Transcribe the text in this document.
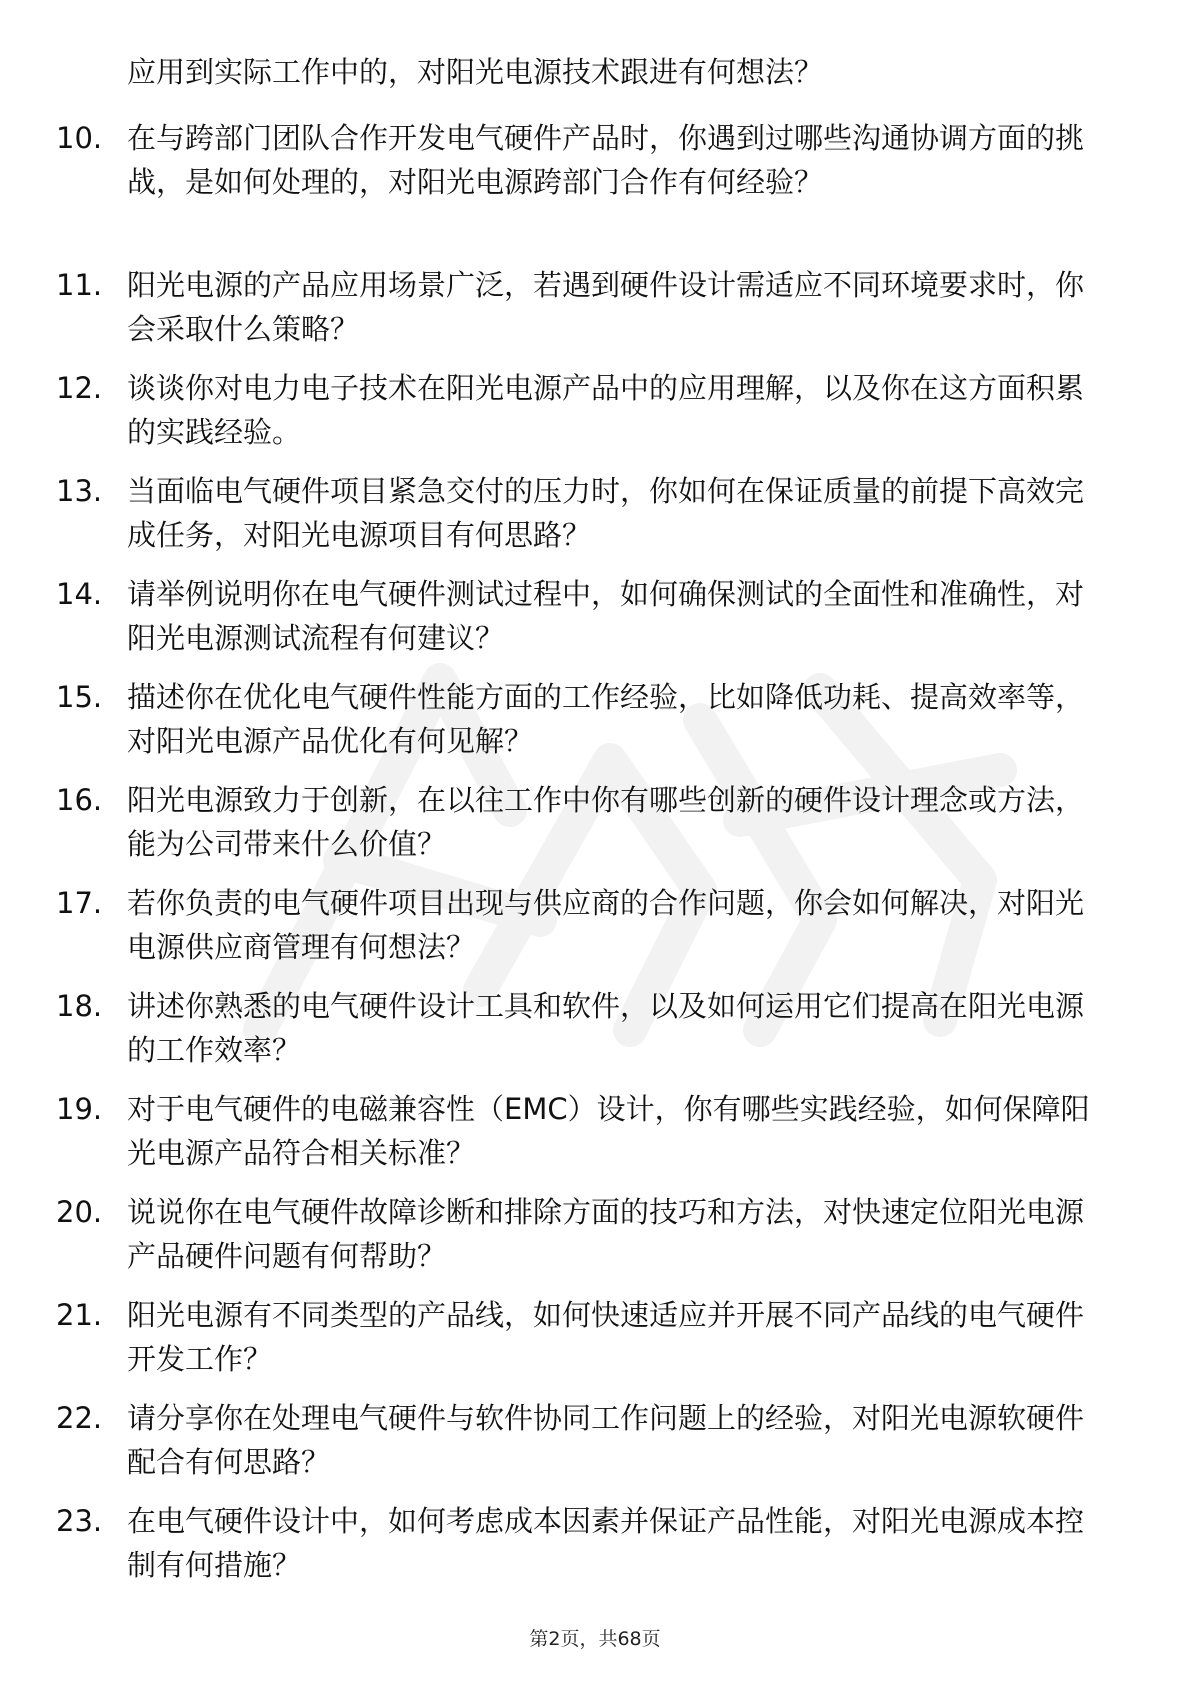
应用到实际工作中的，对阳光电源技术跟进有何想法？
10. 在与跨部门团队合作开发电气硬件产品时，你遇到过哪些沟通协调方面的挑战，是如何处理的，对阳光电源跨部门合作有何经验？
11. 阳光电源的产品应用场景广泛，若遇到硬件设计需适应不同环境要求时，你会采取什么策略？
12. 谈谈你对电力电子技术在阳光电源产品中的应用理解，以及你在这方面积累的实践经验。
13. 当面临电气硬件项目紧急交付的压力时，你如何在保证质量的前提下高效完成任务，对阳光电源项目有何思路？
14. 请举例说明你在电气硬件测试过程中，如何确保测试的全面性和准确性，对阳光电源测试流程有何建议？
15. 描述你在优化电气硬件性能方面的工作经验，比如降低功耗、提高效率等，对阳光电源产品优化有何见解？
16. 阳光电源致力于创新，在以往工作中你有哪些创新的硬件设计理念或方法，能为公司带来什么价值？
17. 若你负责的电气硬件项目出现与供应商的合作问题，你会如何解决，对阳光电源供应商管理有何想法？
18. 讲述你熟悉的电气硬件设计工具和软件，以及如何运用它们提高在阳光电源的工作效率？
19. 对于电气硬件的电磁兼容性（EMC）设计，你有哪些实践经验，如何保障阳光电源产品符合相关标准？
20. 说说你在电气硬件故障诊断和排除方面的技巧和方法，对快速定位阳光电源产品硬件问题有何帮助？
21. 阳光电源有不同类型的产品线，如何快速适应并开展不同产品线的电气硬件开发工作？
22. 请分享你在处理电气硬件与软件协同工作问题上的经验，对阳光电源软硬件配合有何思路？
23. 在电气硬件设计中，如何考虑成本因素并保证产品性能，对阳光电源成本控制有何措施？
第2页，共68页
